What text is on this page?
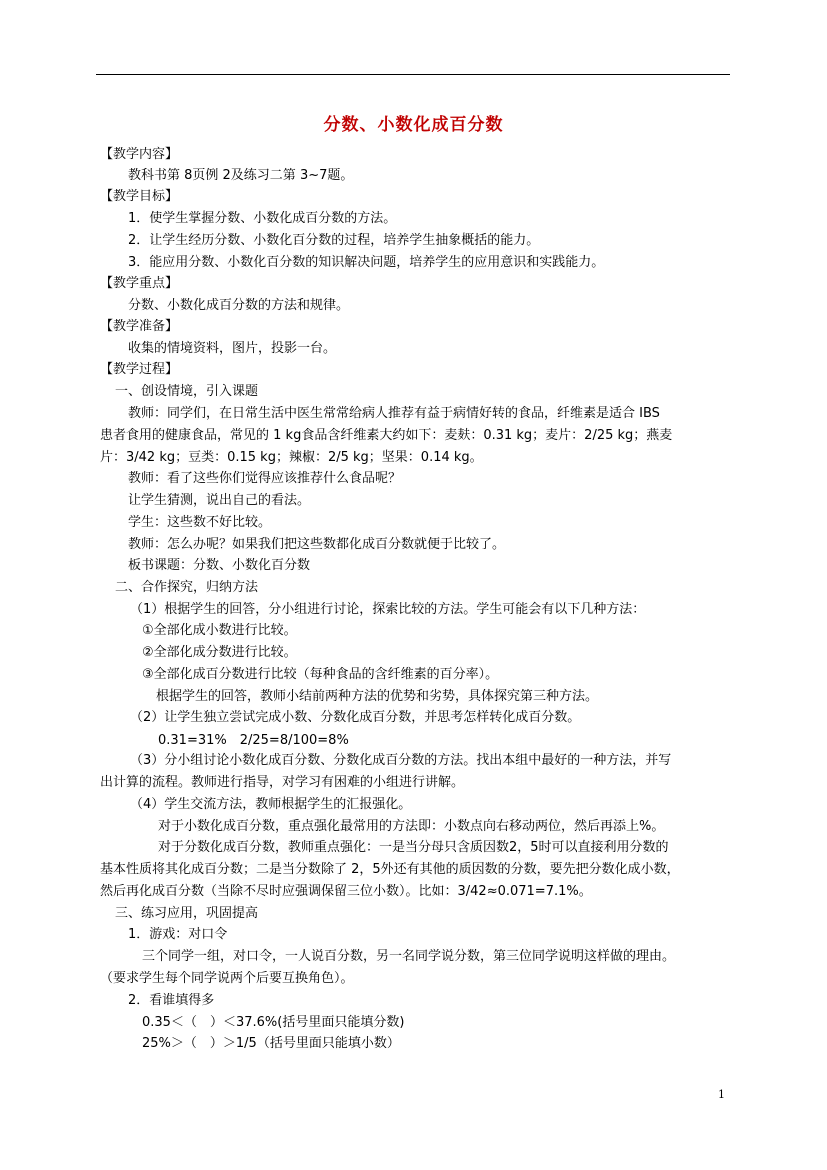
分数、小数化成百分数
【教学内容】
教科书第 8页例 2及练习二第 3~7题。
【教学目标】
1．使学生掌握分数、小数化成百分数的方法。
2．让学生经历分数、小数化百分数的过程，培养学生抽象概括的能力。
3．能应用分数、小数化百分数的知识解决问题，培养学生的应用意识和实践能力。
【教学重点】
分数、小数化成百分数的方法和规律。
【教学准备】
收集的情境资料，图片，投影一台。
【教学过程】
一、创设情境，引入课题
教师：同学们，在日常生活中医生常常给病人推荐有益于病情好转的食品，纤维素是适合 IBS
患者食用的健康食品，常见的 1 kg食品含纤维素大约如下：麦麸：0.31 kg；麦片：2/25 kg；燕麦
片：3/42 kg；豆类：0.15 kg；辣椒：2/5 kg；坚果：0.14 kg。
教师：看了这些你们觉得应该推荐什么食品呢？
让学生猜测，说出自己的看法。
学生：这些数不好比较。
教师：怎么办呢？如果我们把这些数都化成百分数就便于比较了。
板书课题：分数、小数化百分数
二、合作探究，归纳方法
（1）根据学生的回答，分小组进行讨论，探索比较的方法。学生可能会有以下几种方法：
①全部化成小数进行比较。
②全部化成分数进行比较。
③全部化成百分数进行比较（每种食品的含纤维素的百分率）。
根据学生的回答，教师小结前两种方法的优势和劣势，具体探究第三种方法。
（2）让学生独立尝试完成小数、分数化成百分数，并思考怎样转化成百分数。
0.31=31%　2/25=8/100=8%
（3）分小组讨论小数化成百分数、分数化成百分数的方法。找出本组中最好的一种方法，并写
出计算的流程。教师进行指导，对学习有困难的小组进行讲解。
（4）学生交流方法，教师根据学生的汇报强化。
对于小数化成百分数，重点强化最常用的方法即：小数点向右移动两位，然后再添上%。
对于分数化成百分数，教师重点强化：一是当分母只含质因数2，5时可以直接利用分数的
基本性质将其化成百分数；二是当分数除了 2，5外还有其他的质因数的分数，要先把分数化成小数，
然后再化成百分数（当除不尽时应强调保留三位小数）。比如：3/42≈0.071=7.1%。
三、练习应用，巩固提高
1．游戏：对口令
三个同学一组，对口令，一人说百分数，另一名同学说分数，第三位同学说明这样做的理由。
（要求学生每个同学说两个后要互换角色）。
2．看谁填得多
0.35＜（　）＜37.6%(括号里面只能填分数)
25%＞（　）＞1/5（括号里面只能填小数）
1
